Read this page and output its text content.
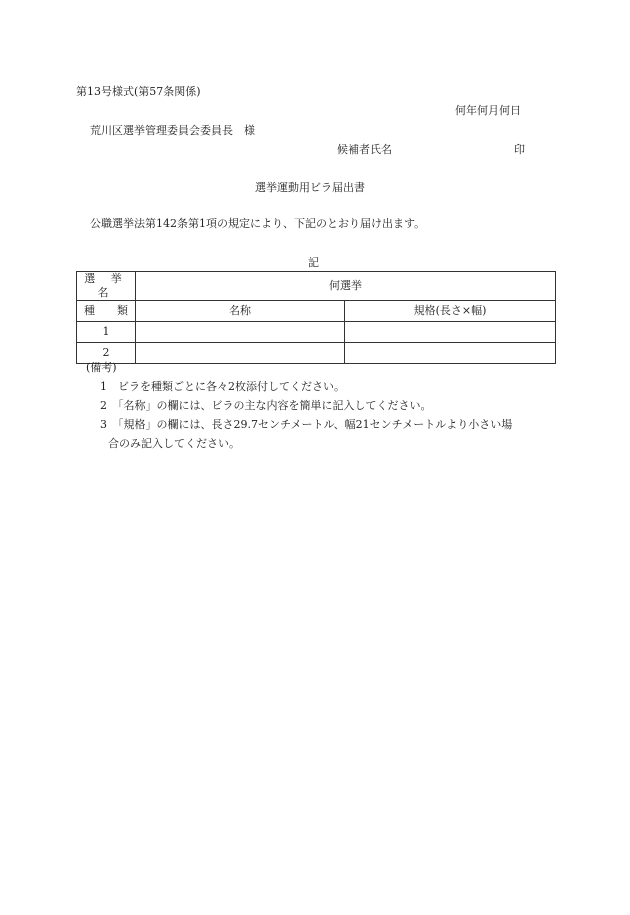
第13号様式(第57条関係)
何年何月何日
荒川区選挙管理委員会委員長　様
候補者氏名	印
選挙運動用ビラ届出書
公職選挙法第142条第1項の規定により、下記のとおり届け出ます。
記
選 挙 名	何選挙	
種　　類	名称	規格(長さ×幅)
1		
2		
(備考)
1　ビラを種類ごとに各々2枚添付してください。
2　「名称」の欄には、ビラの主な内容を簡単に記入してください。
3　「規格」の欄には、長さ29.7センチメートル、幅21センチメートルより小さい場
合のみ記入してください。
